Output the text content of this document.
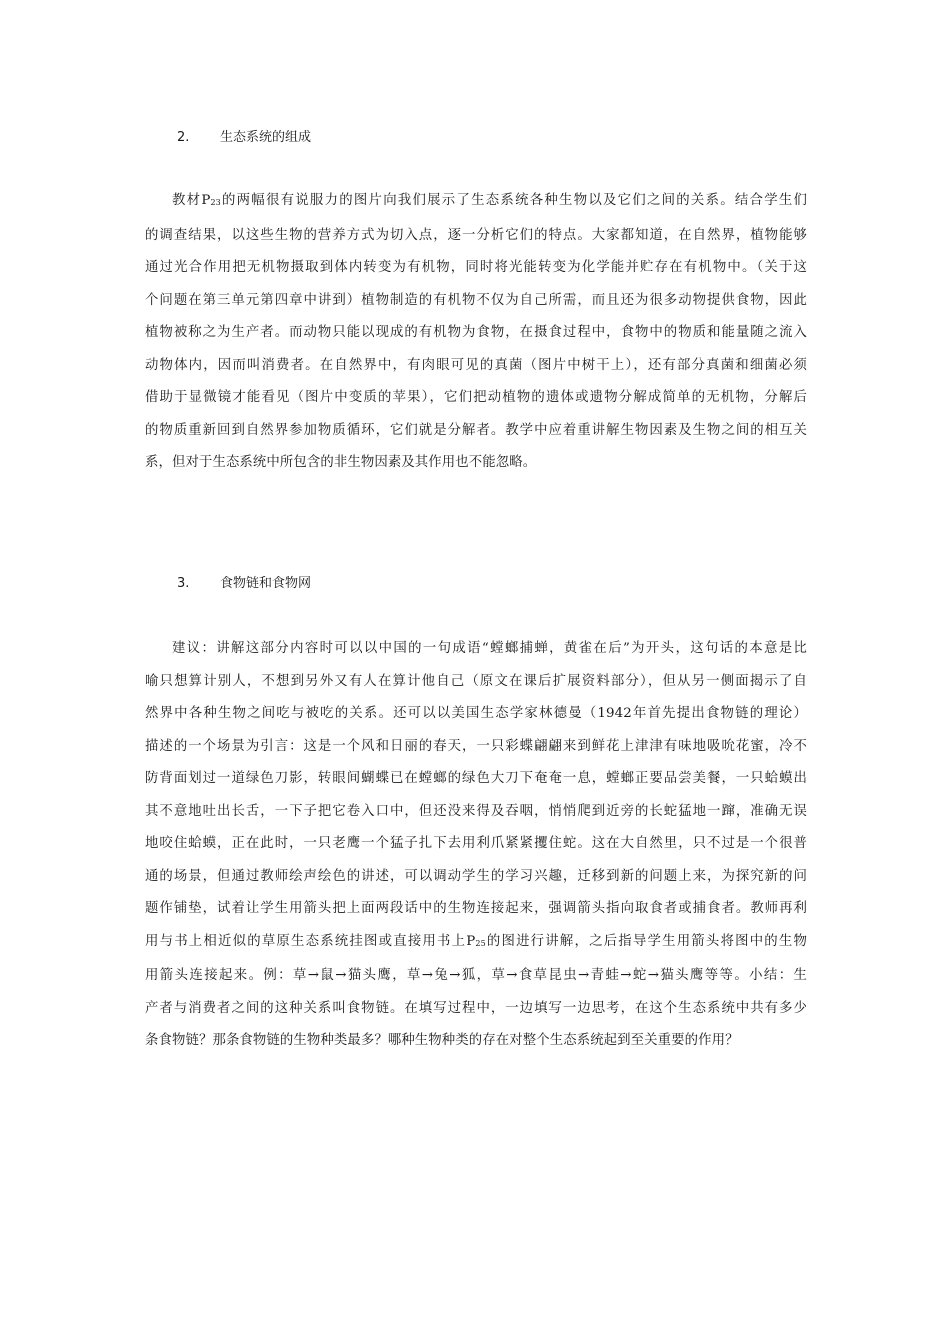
2. 生态系统的组成
教材$P_{23}$的两幅很有说服力的图片向我们展示了生态系统各种生物以及它们之间的关系。结合学生们
的调查结果，以这些生物的营养方式为切入点，逐一分析它们的特点。大家都知道，在自然界，植物能够
通过光合作用把无机物摄取到体内转变为有机物，同时将光能转变为化学能并贮存在有机物中。（关于这
个问题在第三单元第四章中讲到）植物制造的有机物不仅为自己所需，而且还为很多动物提供食物，因此
植物被称之为生产者。而动物只能以现成的有机物为食物，在摄食过程中，食物中的物质和能量随之流入
动物体内，因而叫消费者。在自然界中，有肉眼可见的真菌（图片中树干上），还有部分真菌和细菌必须
借助于显微镜才能看见（图片中变质的苹果），它们把动植物的遗体或遗物分解成简单的无机物，分解后
的物质重新回到自然界参加物质循环，它们就是分解者。教学中应着重讲解生物因素及生物之间的相互关
系，但对于生态系统中所包含的非生物因素及其作用也不能忽略。
3. 食物链和食物网
建议：讲解这部分内容时可以以中国的一句成语“螳螂捕蝉，黄雀在后”为开头，这句话的本意是比
喻只想算计别人，不想到另外又有人在算计他自己（原文在课后扩展资料部分），但从另一侧面揭示了自
然界中各种生物之间吃与被吃的关系。还可以以美国生态学家林德曼（1942年首先提出食物链的理论）
描述的一个场景为引言：这是一个风和日丽的春天，一只彩蝶翩翩来到鲜花上津津有味地吸吮花蜜，冷不
防背面划过一道绿色刀影，转眼间蝴蝶已在螳螂的绿色大刀下奄奄一息，螳螂正要品尝美餐，一只蛤蟆出
其不意地吐出长舌，一下子把它卷入口中，但还没来得及吞咽，悄悄爬到近旁的长蛇猛地一蹿，准确无误
地咬住蛤蟆，正在此时，一只老鹰一个猛子扎下去用利爪紧紧攫住蛇。这在大自然里，只不过是一个很普
通的场景，但通过教师绘声绘色的讲述，可以调动学生的学习兴趣，迁移到新的问题上来，为探究新的问
题作铺垫，试着让学生用箭头把上面两段话中的生物连接起来，强调箭头指向取食者或捕食者。教师再利
用与书上相近似的草原生态系统挂图或直接用书上$P_{25}$的图进行讲解，之后指导学生用箭头将图中的生物
用箭头连接起来。例：草→鼠→猫头鹰，草→兔→狐，草→食草昆虫→青蛙→蛇→猫头鹰等等。小结：生
产者与消费者之间的这种关系叫食物链。在填写过程中，一边填写一边思考，在这个生态系统中共有多少
条食物链？那条食物链的生物种类最多？哪种生物种类的存在对整个生态系统起到至关重要的作用？
